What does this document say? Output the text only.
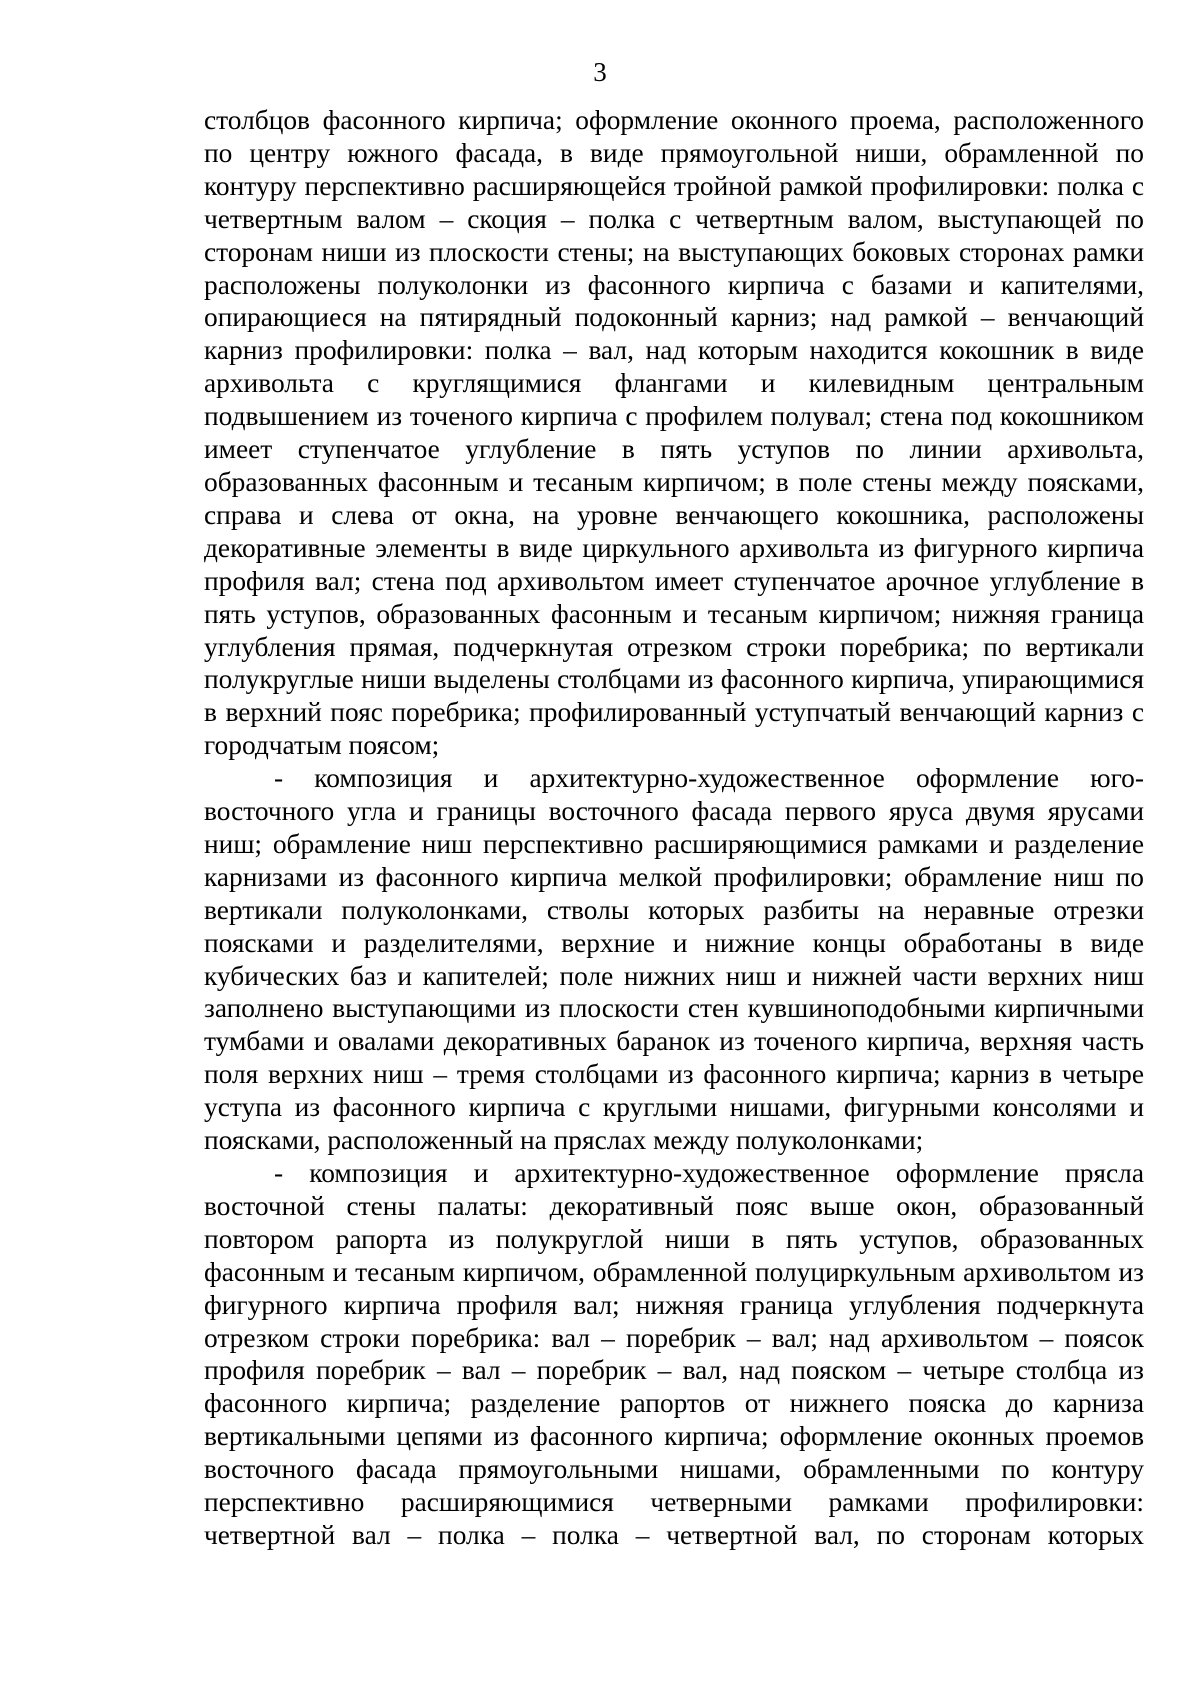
3

столбцов фасонного кирпича; оформление оконного проема, расположенного по центру южного фасада, в виде прямоугольной ниши, обрамленной по контуру перспективно расширяющейся тройной рамкой профилировки: полка с четвертным валом – скоция – полка с четвертным валом, выступающей по сторонам ниши из плоскости стены; на выступающих боковых сторонах рамки расположены полуколонки из фасонного кирпича с базами и капителями, опирающиеся на пятирядный подоконный карниз; над рамкой – венчающий карниз профилировки: полка – вал, над которым находится кокошник в виде архивольта с круглящимися флангами и килевидным центральным подвышением из точеного кирпича с профилем полувал; стена под кокошником имеет ступенчатое углубление в пять уступов по линии архивольта, образованных фасонным и тесаным кирпичом; в поле стены между поясками, справа и слева от окна, на уровне венчающего кокошника, расположены декоративные элементы в виде циркульного архивольта из фигурного кирпича профиля вал; стена под архивольтом имеет ступенчатое арочное углубление в пять уступов, образованных фасонным и тесаным кирпичом; нижняя граница углубления прямая, подчеркнутая отрезком строки поребрика; по вертикали полукруглые ниши выделены столбцами из фасонного кирпича, упирающимися в верхний пояс поребрика; профилированный уступчатый венчающий карниз с городчатым поясом;

- композиция и архитектурно-художественное оформление юго-восточного угла и границы восточного фасада первого яруса двумя ярусами ниш; обрамление ниш перспективно расширяющимися рамками и разделение карнизами из фасонного кирпича мелкой профилировки; обрамление ниш по вертикали полуколонками, стволы которых разбиты на неравные отрезки поясками и разделителями, верхние и нижние концы обработаны в виде кубических баз и капителей; поле нижних ниш и нижней части верхних ниш заполнено выступающими из плоскости стен кувшиноподобными кирпичными тумбами и овалами декоративных баранок из точеного кирпича, верхняя часть поля верхних ниш – тремя столбцами из фасонного кирпича; карниз в четыре уступа из фасонного кирпича с круглыми нишами, фигурными консолями и поясками, расположенный на пряслах между полуколонками;

- композиция и архитектурно-художественное оформление прясла восточной стены палаты: декоративный пояс выше окон, образованный повтором рапорта из полукруглой ниши в пять уступов, образованных фасонным и тесаным кирпичом, обрамленной полуциркульным архивольтом из фигурного кирпича профиля вал; нижняя граница углубления подчеркнута отрезком строки поребрика: вал – поребрик – вал; над архивольтом – поясок профиля поребрик – вал – поребрик – вал, над пояском – четыре столбца из фасонного кирпича; разделение рапортов от нижнего пояска до карниза вертикальными цепями из фасонного кирпича; оформление оконных проемов восточного фасада прямоугольными нишами, обрамленными по контуру перспективно расширяющимися четверными рамками профилировки: четвертной вал – полка – полка – четвертной вал, по сторонам которых
